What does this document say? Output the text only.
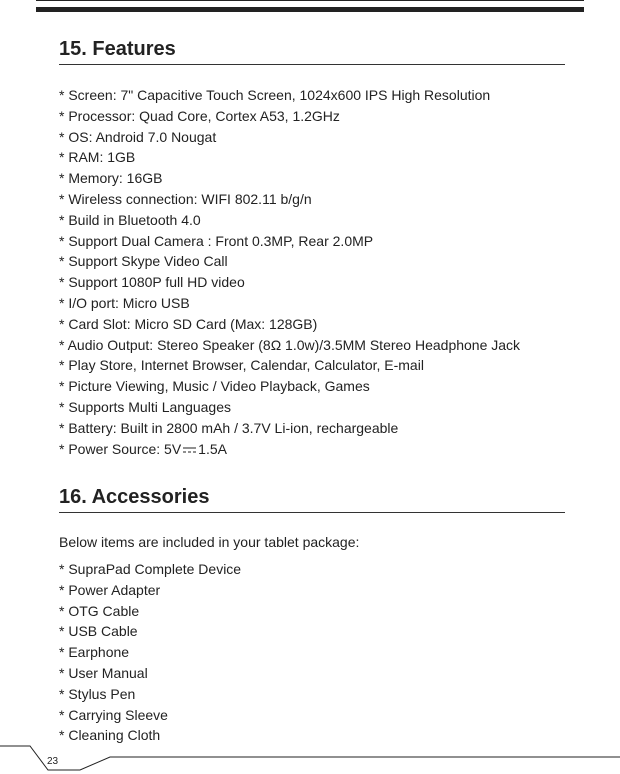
15. Features
* Screen: 7" Capacitive Touch Screen, 1024x600 IPS High Resolution
* Processor: Quad Core, Cortex A53, 1.2GHz
* OS: Android 7.0 Nougat
* RAM: 1GB
* Memory: 16GB
* Wireless connection: WIFI 802.11 b/g/n
* Build in Bluetooth 4.0
* Support Dual Camera : Front 0.3MP, Rear 2.0MP
* Support Skype Video Call
* Support 1080P full HD video
* I/O port: Micro USB
* Card Slot: Micro SD Card (Max: 128GB)
* Audio Output: Stereo Speaker (8Ω 1.0w)/3.5MM Stereo Headphone Jack
* Play Store, Internet Browser, Calendar, Calculator, E-mail
* Picture Viewing, Music / Video Playback, Games
* Supports Multi Languages
* Battery: Built in 2800 mAh / 3.7V Li-ion, rechargeable
* Power Source: 5V 1.5A
16. Accessories
Below items are included in your tablet package:
* SupraPad Complete Device
* Power Adapter
* OTG Cable
* USB Cable
* Earphone
* User Manual
* Stylus Pen
* Carrying Sleeve
* Cleaning Cloth
23
